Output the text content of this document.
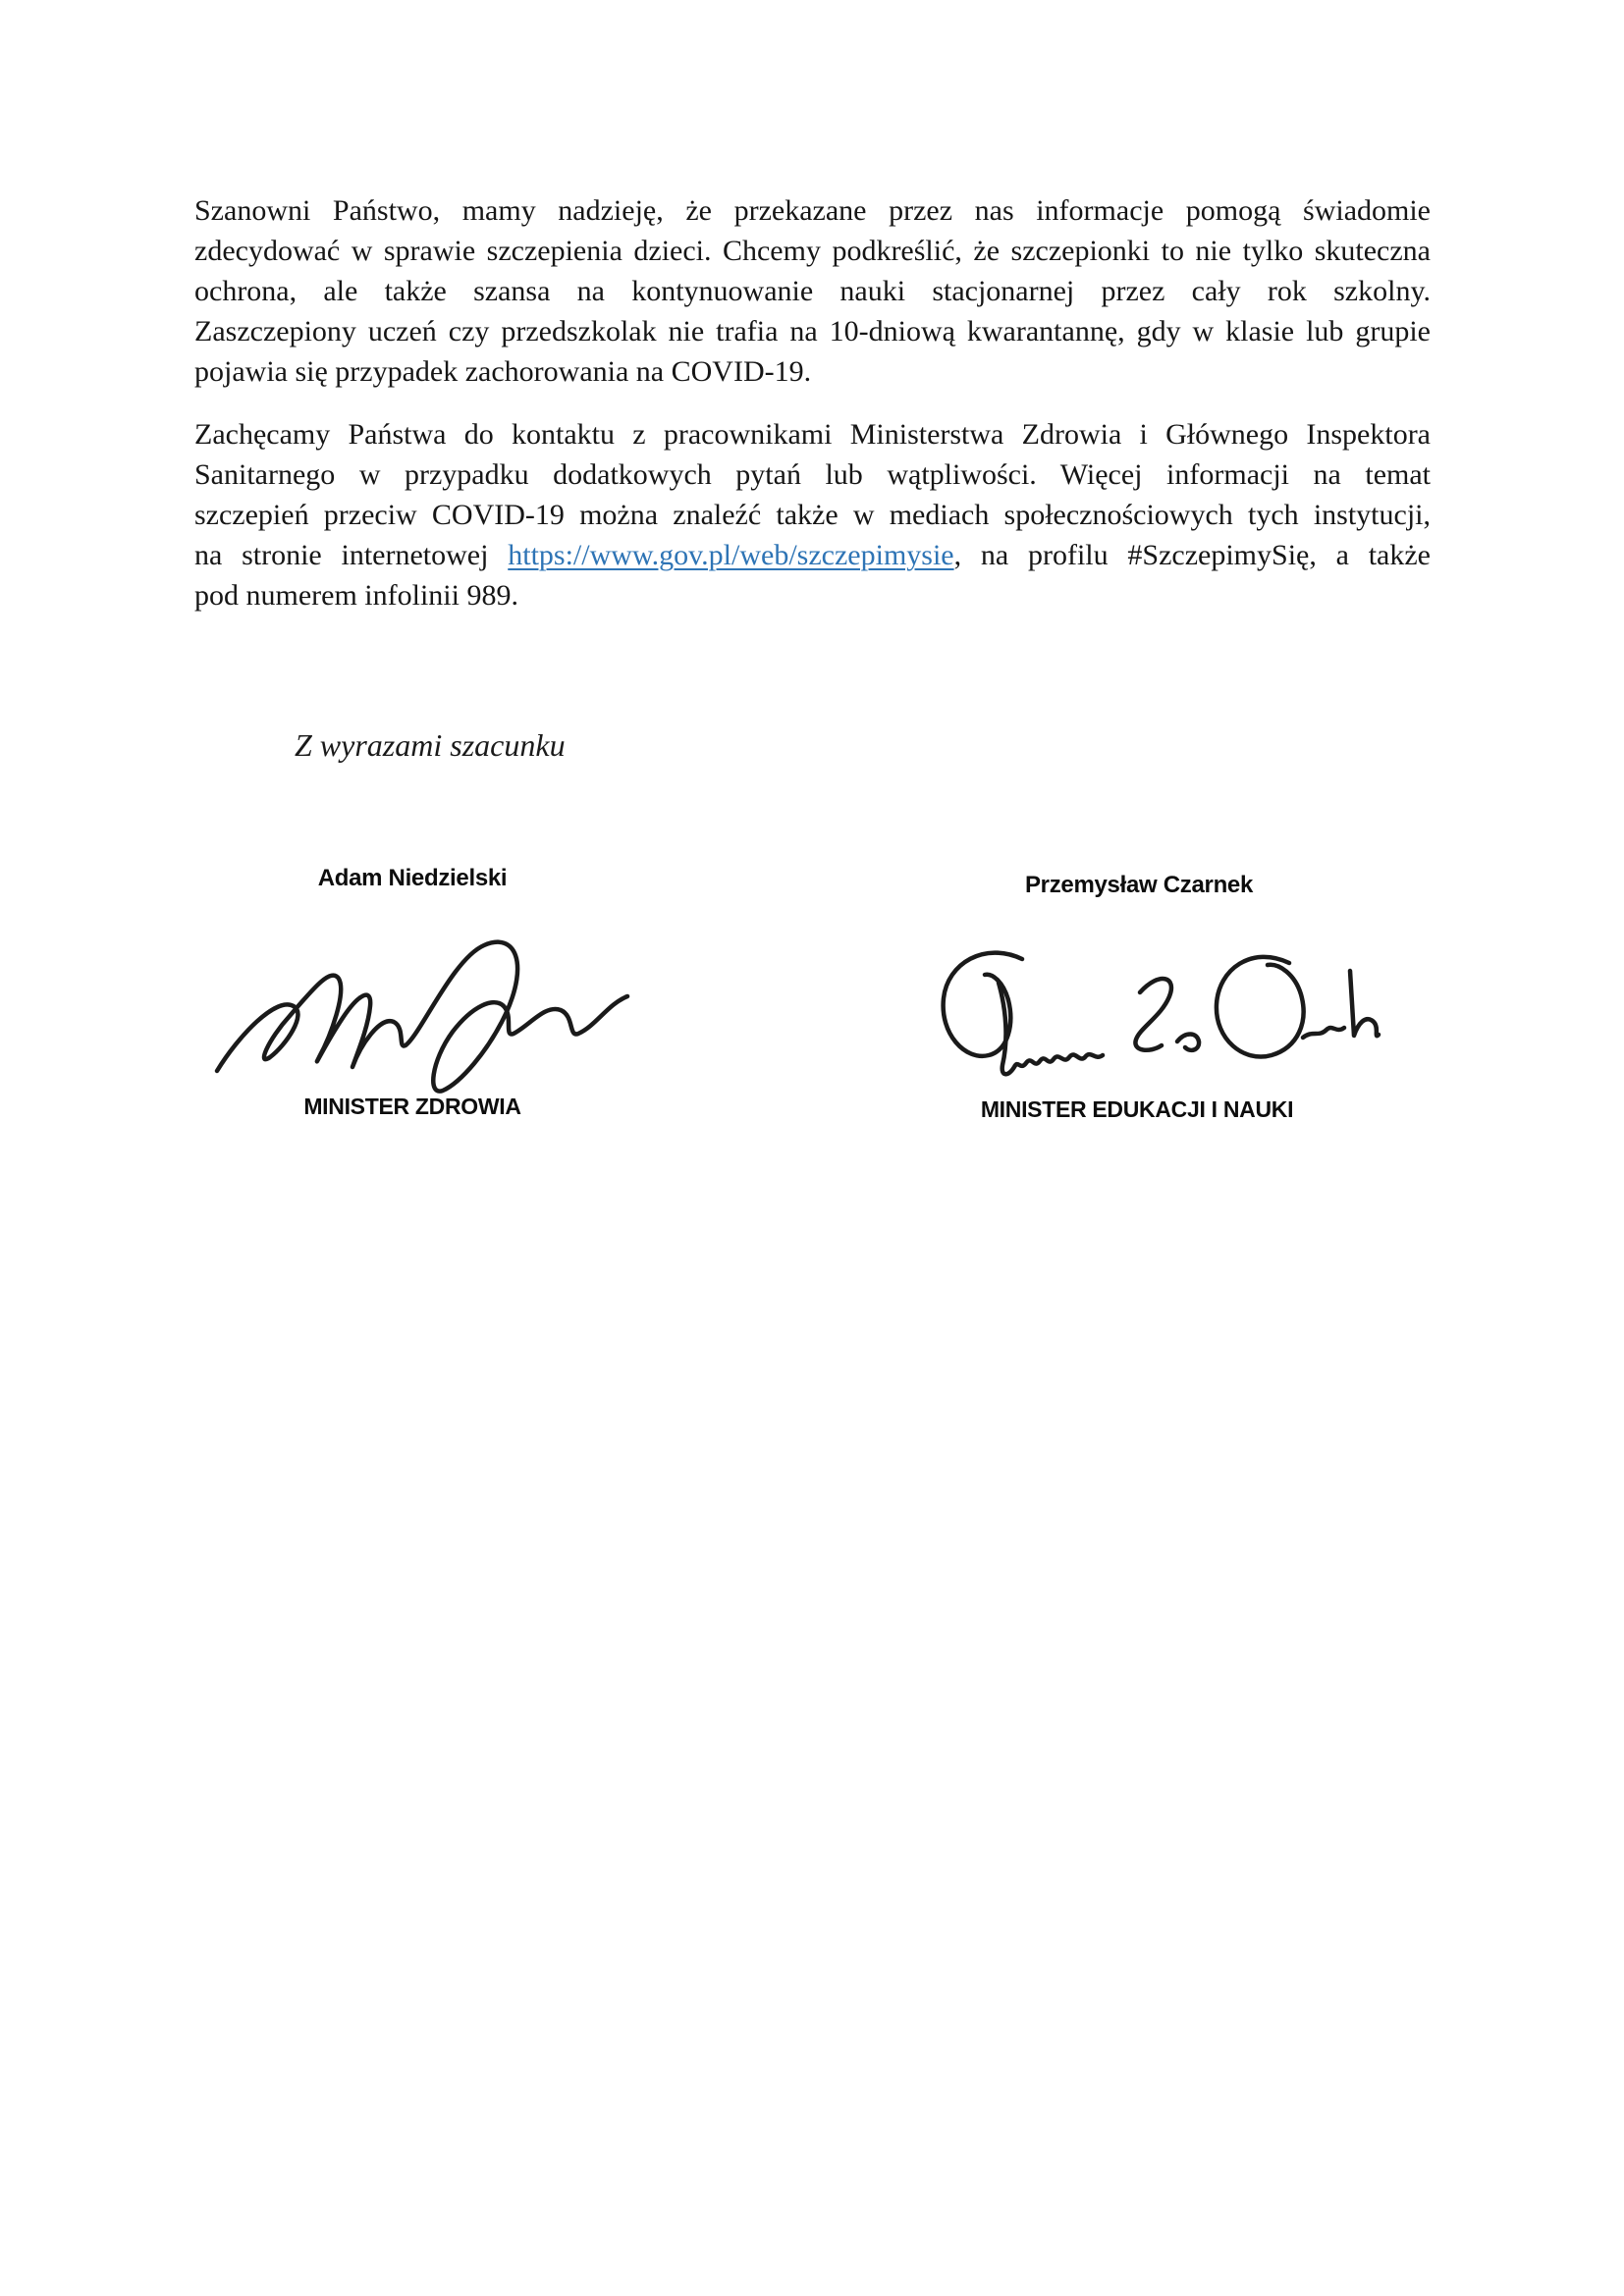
Szanowni Państwo, mamy nadzieję, że przekazane przez nas informacje pomogą świadomie
zdecydować w sprawie szczepienia dzieci. Chcemy podkreślić, że szczepionki to nie tylko skuteczna
ochrona, ale także szansa na kontynuowanie nauki stacjonarnej przez cały rok szkolny.
Zaszczepiony uczeń czy przedszkolak nie trafia na 10-dniową kwarantannę, gdy w klasie lub grupie
pojawia się przypadek zachorowania na COVID-19.
Zachęcamy Państwa do kontaktu z pracownikami Ministerstwa Zdrowia i Głównego Inspektora
Sanitarnego w przypadku dodatkowych pytań lub wątpliwości. Więcej informacji na temat
szczepień przeciw COVID-19 można znaleźć także w mediach społecznościowych tych instytucji,
na stronie internetowej https://www.gov.pl/web/szczepimysie, na profilu #SzczepimySię, a także
pod numerem infolinii 989.
Z wyrazami szacunku
Adam Niedzielski
MINISTER ZDROWIA
Przemysław Czarnek
MINISTER EDUKACJI I NAUKI
